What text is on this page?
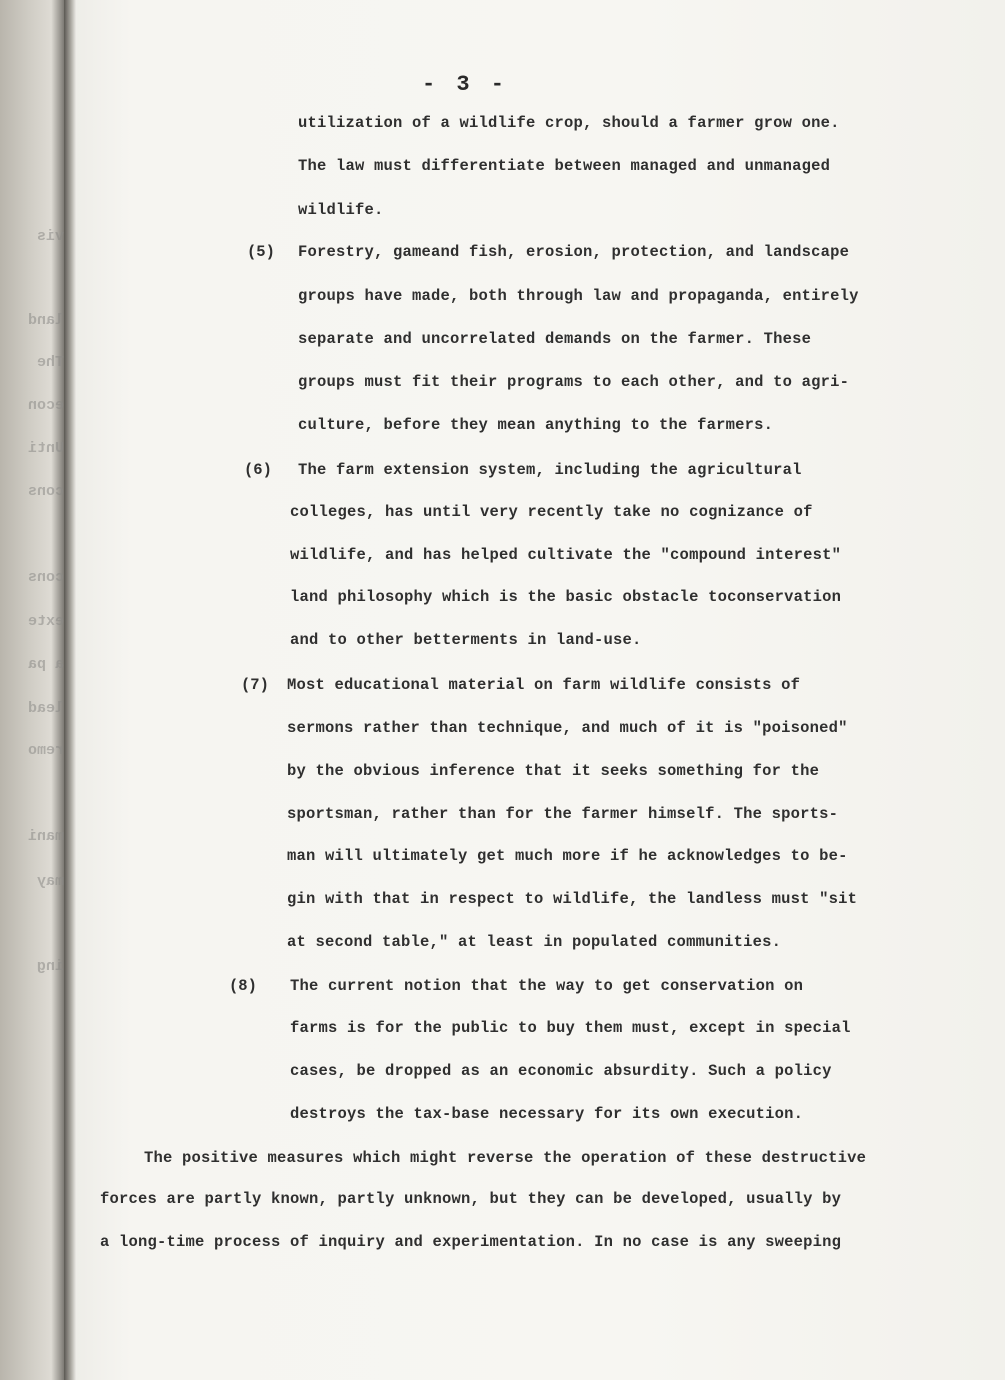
vis
land
The
econ
Unti
cons
cons
exte
a pa
lead
remo
mani
may
ing
- 3 -
utilization of a wildlife crop, should a farmer grow one.
The law must differentiate between managed and unmanaged
wildlife.
(5) Forestry, gameand fish, erosion, protection, and landscape
groups have made, both through law and propaganda, entirely
separate and uncorrelated demands on the farmer. These
groups must fit their programs to each other, and to agri-
culture, before they mean anything to the farmers.
(6) The farm extension system, including the agricultural
colleges, has until very recently take no cognizance of
wildlife, and has helped cultivate the "compound interest"
land philosophy which is the basic obstacle toconservation
and to other betterments in land-use.
(7) Most educational material on farm wildlife consists of
sermons rather than technique, and much of it is "poisoned"
by the obvious inference that it seeks something for the
sportsman, rather than for the farmer himself. The sports-
man will ultimately get much more if he acknowledges to be-
gin with that in respect to wildlife, the landless must "sit
at second table," at least in populated communities.
(8) The current notion that the way to get conservation on
farms is for the public to buy them must, except in special
cases, be dropped as an economic absurdity. Such a policy
destroys the tax-base necessary for its own execution.
The positive measures which might reverse the operation of these destructive
forces are partly known, partly unknown, but they can be developed, usually by
a long-time process of inquiry and experimentation. In no case is any sweeping
